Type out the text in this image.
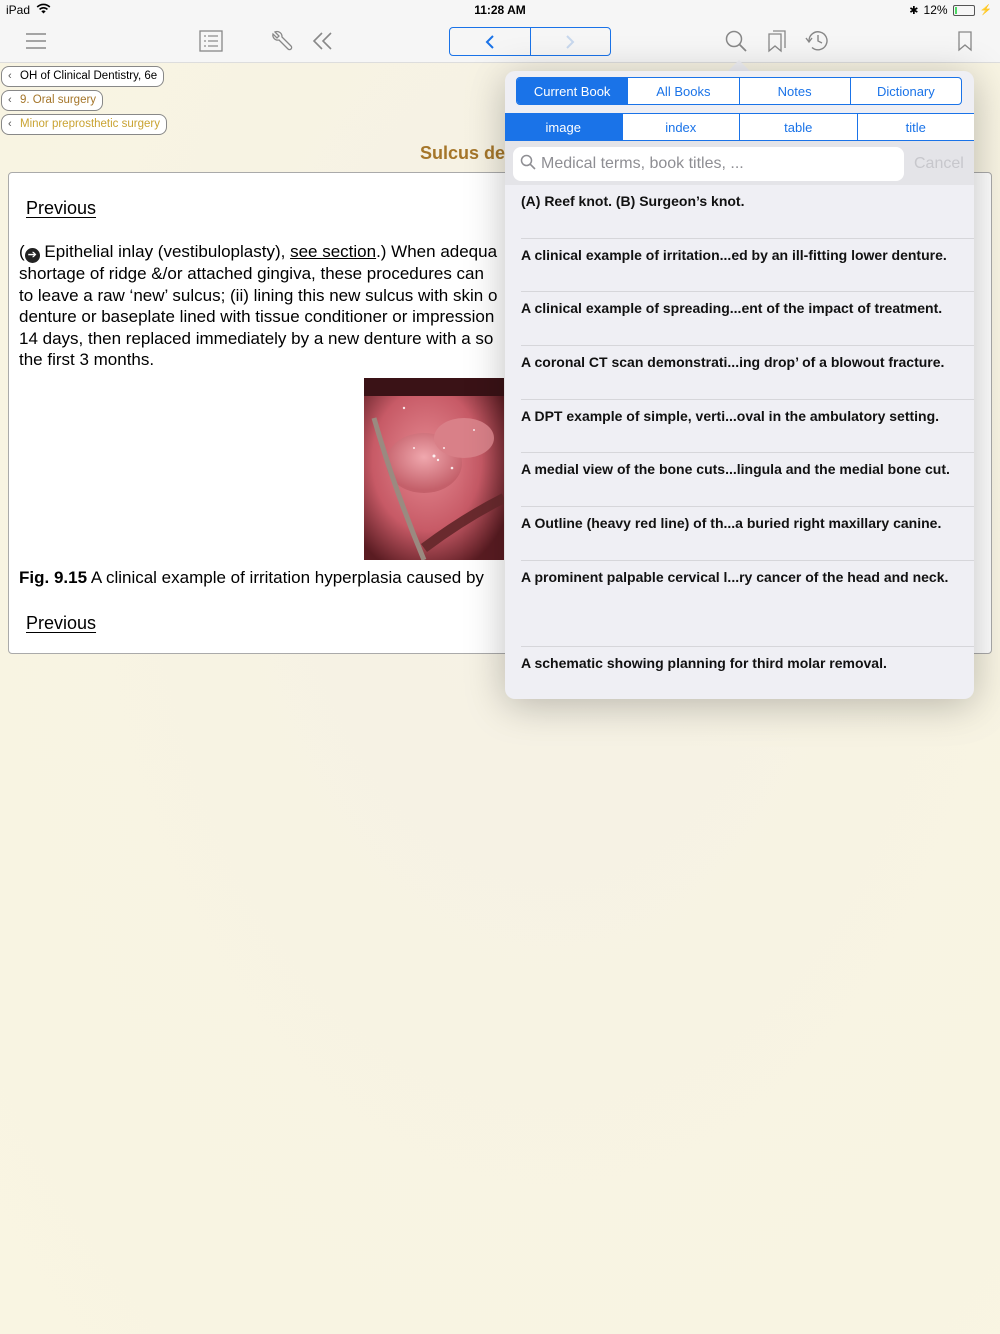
iPad	11:28 AM	✱ 12%	⚡
‹ OH of Clinical Dentistry, 6e
‹ 9. Oral surgery
‹ Minor preprosthetic surgery
Sulcus de
Previous
( ➔ Epithelial inlay (vestibuloplasty), see section.) When adequa
shortage of ridge &/or attached gingiva, these procedures can
to leave a raw ‘new’ sulcus; (ii) lining this new sulcus with skin o
denture or baseplate lined with tissue conditioner or impression
14 days, then replaced immediately by a new denture with a so
the first 3 months.
Fig. 9.15 A clinical example of irritation hyperplasia caused by
Previous
Current Book	All Books	Notes	Dictionary
image	index	table	title
Medical terms, book titles, ...	Cancel
(A) Reef knot. (B) Surgeon’s knot.
A clinical example of irritation...ed by an ill-fitting lower denture.
A clinical example of spreading...ent of the impact of treatment.
A coronal CT scan demonstrati...ing drop’ of a blowout fracture.
A DPT example of simple, verti...oval in the ambulatory setting.
A medial view of the bone cuts...lingula and the medial bone cut.
A Outline (heavy red line) of th...a buried right maxillary canine.
A prominent palpable cervical l...ry cancer of the head and neck.
A schematic showing planning for third molar removal.
